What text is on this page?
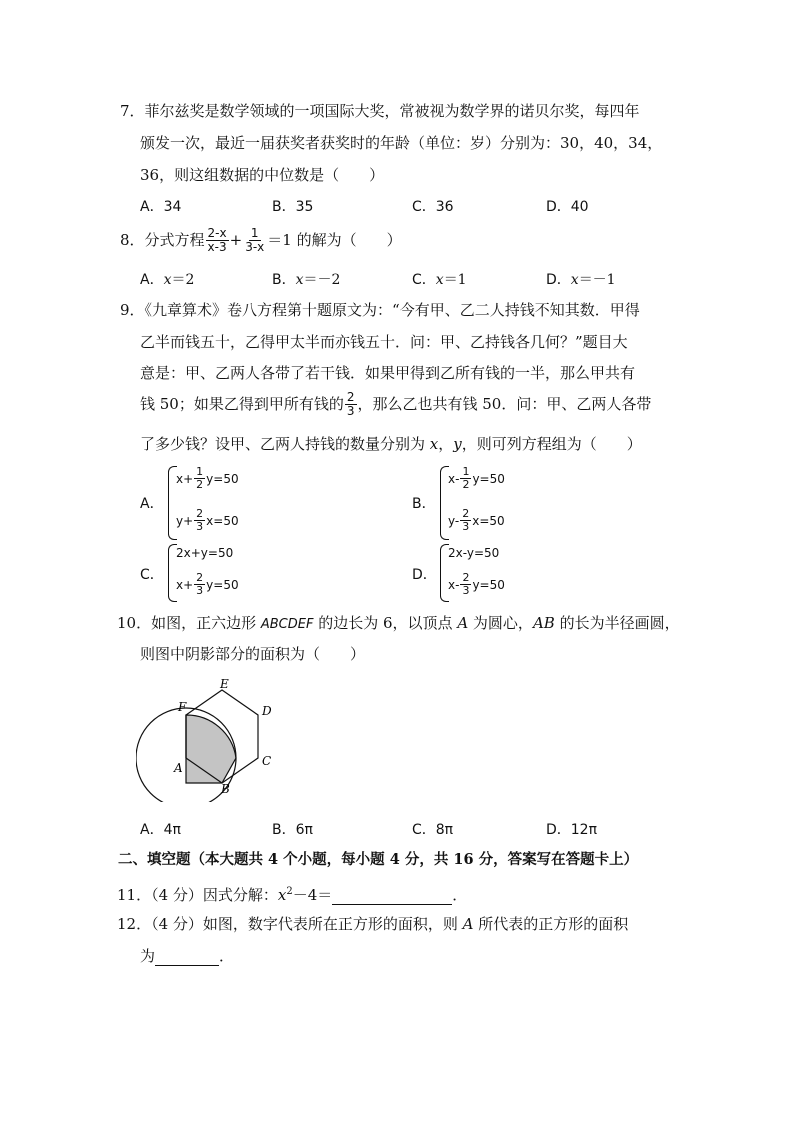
7．菲尔兹奖是数学领域的一项国际大奖，常被视为数学界的诺贝尔奖，每四年
颁发一次，最近一届获奖者获奖时的年龄（单位：岁）分别为：30，40，34，
36，则这组数据的中位数是（　　）
A．34	B．35	C．36	D．40
8．分式方程 $\frac{2-x}{x-3} + \frac{1}{3-x} =1$ 的解为（　　）
A．x＝2	B．x＝－2	C．x＝1	D．x＝－1
9．《九章算术》卷八方程第十题原文为：“今有甲、乙二人持钱不知其数．甲得
乙半而钱五十，乙得甲太半而亦钱五十．问：甲、乙持钱各几何？”题目大
意是：甲、乙两人各带了若干钱．如果甲得到乙所有钱的一半，那么甲共有
钱 50；如果乙得到甲所有钱的 $\frac{2}{3}$ ，那么乙也共有钱 50．问：甲、乙两人各带
了多少钱？设甲、乙两人持钱的数量分别为 x，y，则可列方程组为（　　）
A．
$x+ \frac{1}{2} y=50$
$y+ \frac{2}{3} x=50$
B．
$x- \frac{1}{2} y=50$
$y- \frac{2}{3} x=50$
C．
2x+y=50
$x+ \frac{2}{3} y=50$
D．
2x-y=50
$x- \frac{2}{3} y=50$
10．如图，正六边形 ABCDEF 的边长为 6，以顶点 A 为圆心，AB 的长为半径画圆，
则图中阴影部分的面积为（　　）
F
E
D
C
A
B
A．4π	B．6π	C．8π	D．12π
二、填空题（本大题共 4 个小题，每小题 4 分，共 16 分，答案写在答题卡上）
11．（4 分）因式分解：$x^2-4=$	．
12．（4 分）如图，数字代表所在正方形的面积，则 A 所代表的正方形的面积
为	．
